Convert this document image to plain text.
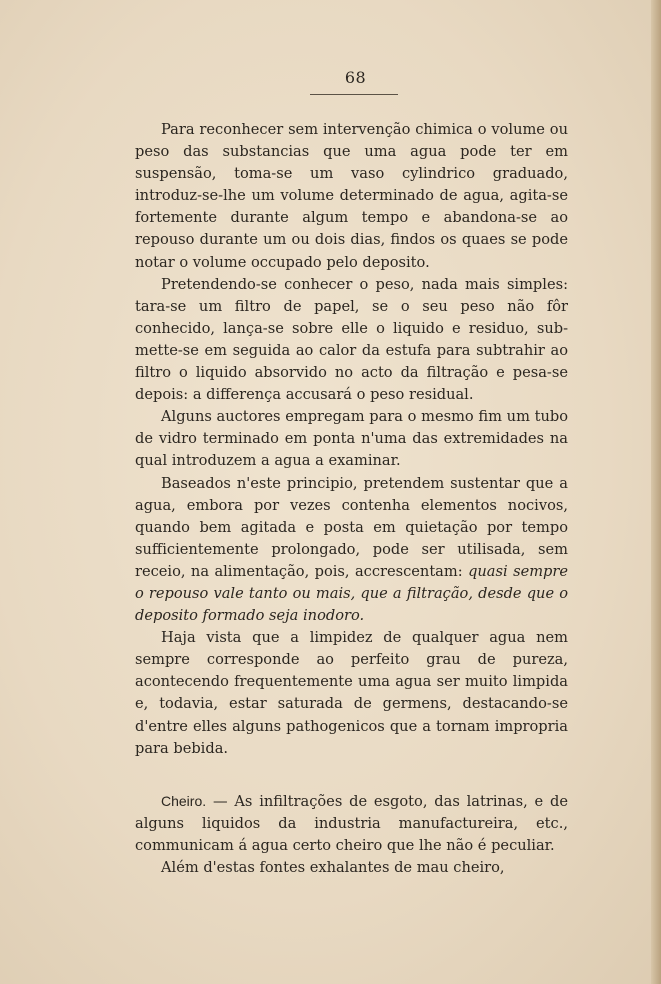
68

Para reconhecer sem intervenção chimica o volume ou peso das substancias que uma agua pode ter em suspensão, toma-se um vaso cylindrico graduado, introduz-se-lhe um volume determinado de agua, agita-se fortemente durante algum tempo e abandona-se ao repouso durante um ou dois dias, findos os quaes se pode notar o volume occupado pelo deposito.

Pretendendo-se conhecer o peso, nada mais simples: tara-se um filtro de papel, se o seu peso não fôr conhecido, lança-se sobre elle o liquido e residuo, sub-mette-se em seguida ao calor da estufa para subtrahir ao filtro o liquido absorvido no acto da filtração e pesa-se depois: a differença accusará o peso residual.

Alguns auctores empregam para o mesmo fim um tubo de vidro terminado em ponta n'uma das extremidades na qual introduzem a agua a examinar.

Baseados n'este principio, pretendem sustentar que a agua, embora por vezes contenha elementos nocivos, quando bem agitada e posta em quietação por tempo sufficientemente prolongado, pode ser utilisada, sem receio, na alimentação, pois, accrescentam: quasi sempre o repouso vale tanto ou mais, que a filtração, desde que o deposito formado seja inodoro.

Haja vista que a limpidez de qualquer agua nem sempre corresponde ao perfeito grau de pureza, acontecendo frequentemente uma agua ser muito limpida e, todavia, estar saturada de germens, destacando-se d'entre elles alguns pathogenicos que a tornam impropria para bebida.

Cheiro. — As infiltrações de esgoto, das latrinas, e de alguns liquidos da industria manufactureira, etc., communicam á agua certo cheiro que lhe não é peculiar.

Além d'estas fontes exhalantes de mau cheiro,
